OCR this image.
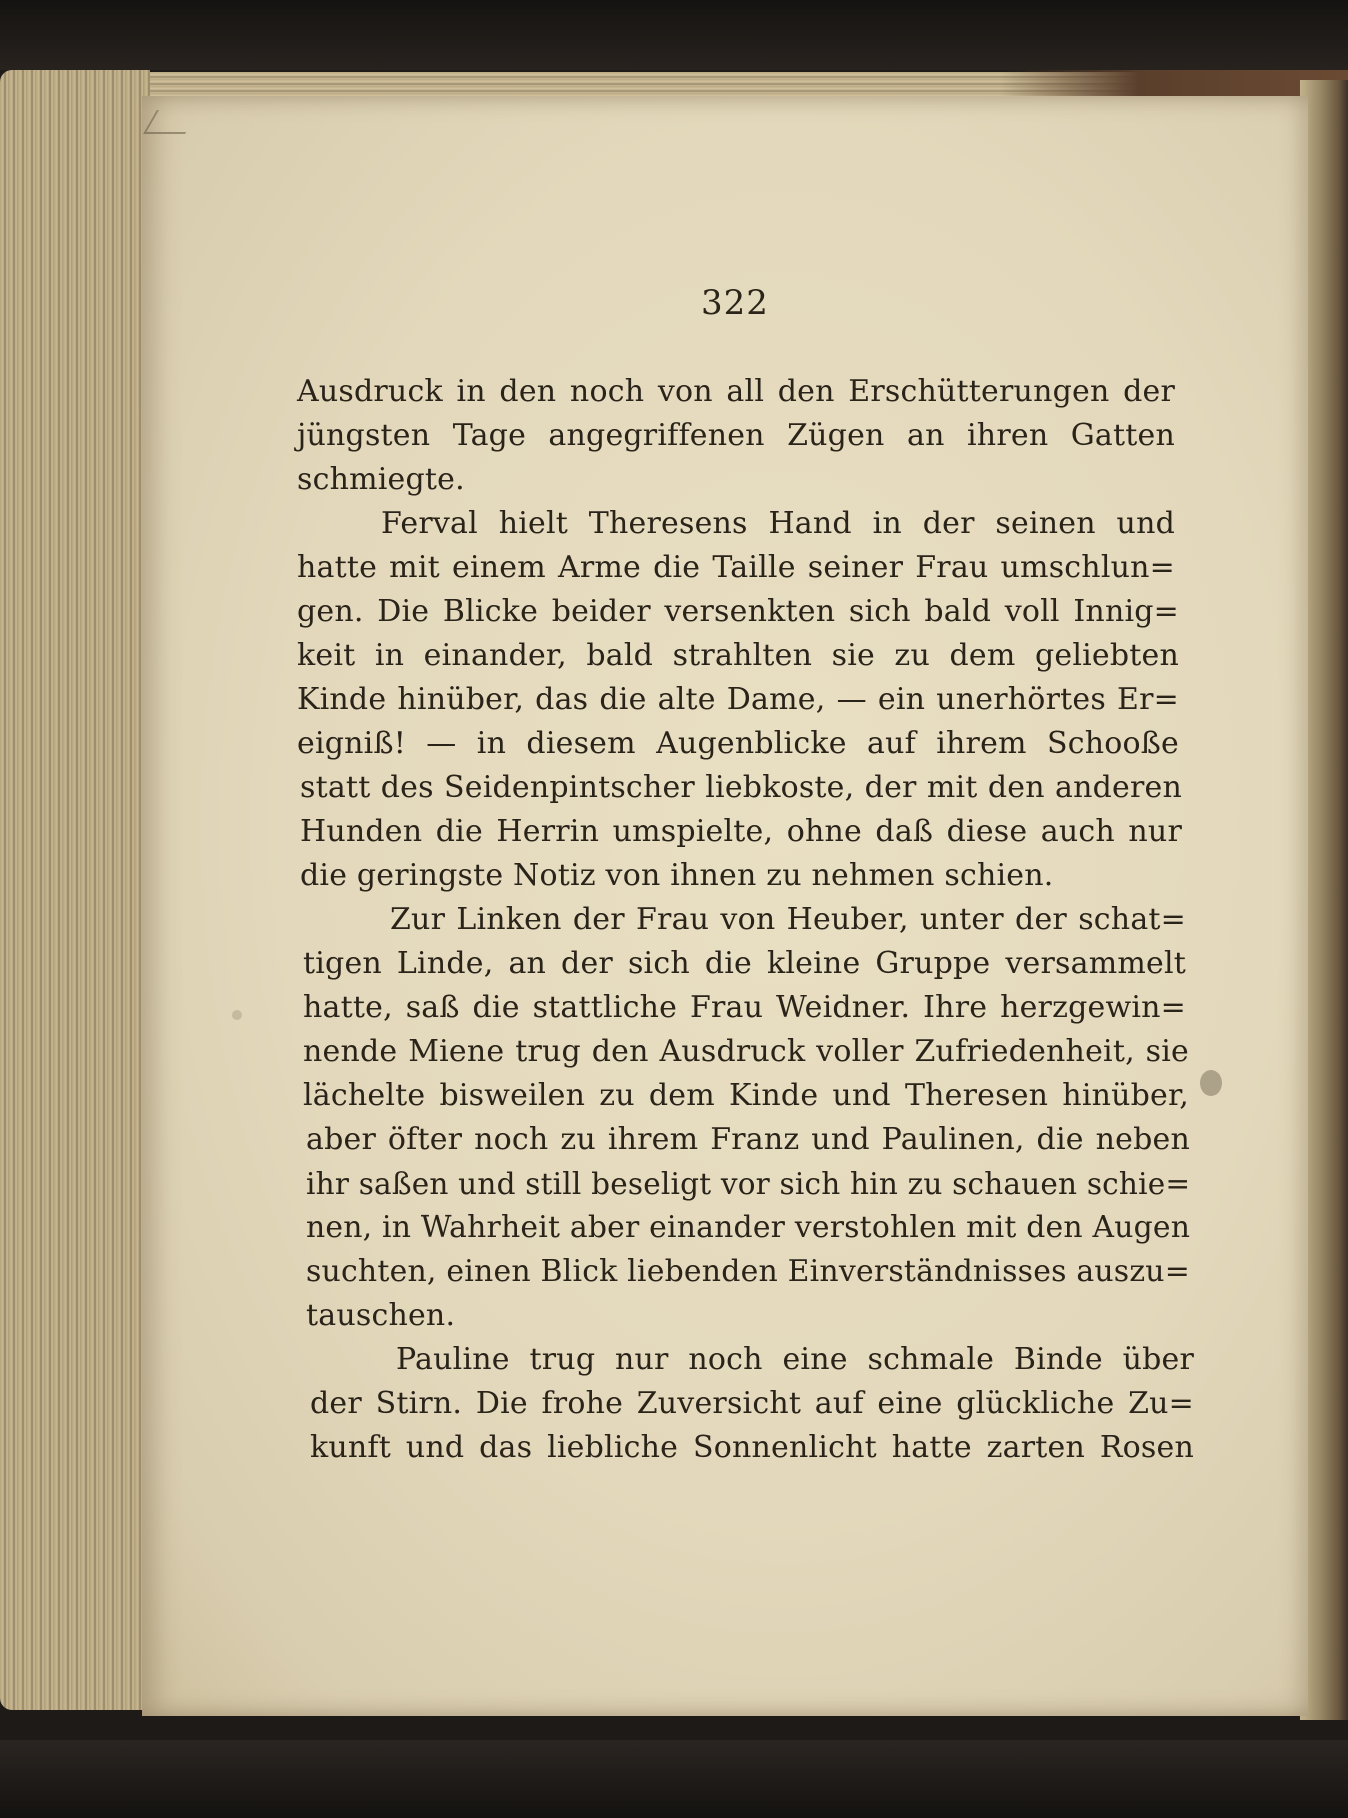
322
Ausdruck in den noch von all den Erschütterungen der
jüngsten Tage angegriffenen Zügen an ihren Gatten
schmiegte.
Ferval hielt Theresens Hand in der seinen und
hatte mit einem Arme die Taille seiner Frau umschlun=
gen. Die Blicke beider versenkten sich bald voll Innig=
keit in einander, bald strahlten sie zu dem geliebten
Kinde hinüber, das die alte Dame, — ein unerhörtes Er=
eigniß! — in diesem Augenblicke auf ihrem Schooße
statt des Seidenpintscher liebkoste, der mit den anderen
Hunden die Herrin umspielte, ohne daß diese auch nur
die geringste Notiz von ihnen zu nehmen schien.
Zur Linken der Frau von Heuber, unter der schat=
tigen Linde, an der sich die kleine Gruppe versammelt
hatte, saß die stattliche Frau Weidner. Ihre herzgewin=
nende Miene trug den Ausdruck voller Zufriedenheit, sie
lächelte bisweilen zu dem Kinde und Theresen hinüber,
aber öfter noch zu ihrem Franz und Paulinen, die neben
ihr saßen und still beseligt vor sich hin zu schauen schie=
nen, in Wahrheit aber einander verstohlen mit den Augen
suchten, einen Blick liebenden Einverständnisses auszu=
tauschen.
Pauline trug nur noch eine schmale Binde über
der Stirn. Die frohe Zuversicht auf eine glückliche Zu=
kunft und das liebliche Sonnenlicht hatte zarten Rosen
